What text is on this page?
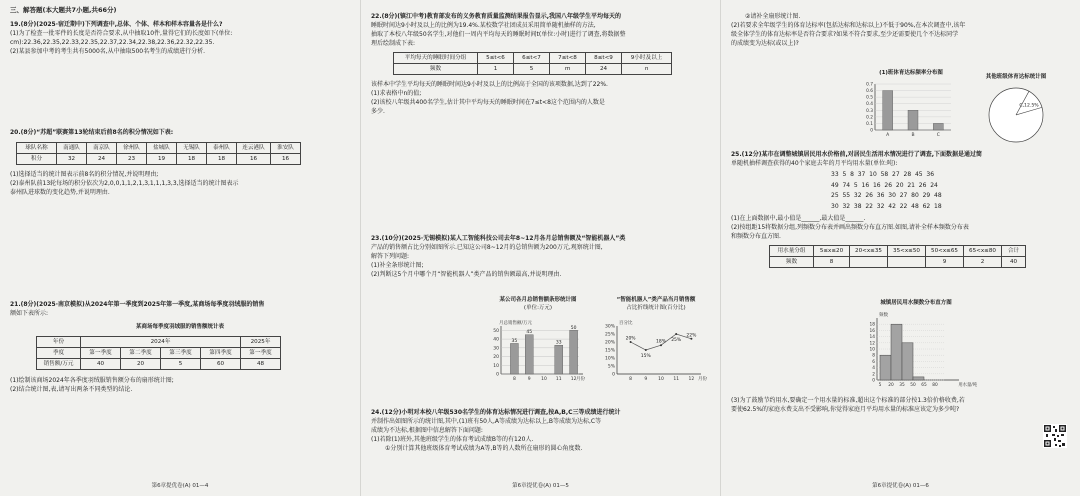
三、解答题(本大题共7小题,共66分)
19.(8分)(2025·宿迁期中)下列调查中,总体、个体、样本和样本容量各是什么?
(1)为了检查一批零件的长度是否符合要求,从中抽取10件,量得它们的长度如下(单位:
cm):22.36,22.35,22.33,22.35,22.37,22.34,22.38,22.36,22.32,22.35.
(2)某县参加中考的考生共有5000名,从中抽取500名考生的成绩进行分析.
20.(8分)“苏超”联赛第13轮结束后前8名的积分情况如下表:
球队名称	南通队	南京队	徐州队	盐城队	无锡队	泰州队	连云港队	淮安队
积分	32	24	23	19	18	18	16	16
(1)选择适当的统计图表示前8名的积分情况,并说明理由;
(2)泰州队前13轮每场的积分依次为2,0,0,1,1,2,1,3,1,1,1,3,3,选择适当的统计图表示
泰州队进球数的变化趋势,并说明理由.
21.(8分)(2025·南京模拟)从2024年第一季度到2025年第一季度,某商场每季度羽绒服的销售
额如下表所示:
某商场每季度羽绒服的销售额统计表
年份	2024年				2025年
季度	第一季度	第二季度	第三季度	第四季度	第一季度
销售额/万元	40	20	5	60	48
(1)绘制该商场2024年各季度羽绒服销售额分布的扇形统计图;
(2)结合统计图,表,请写出两条不同类型的结论.
第6章提优卷(A) 01—4
22.(8分)(镇江中考)教育部发布的义务教育质量监测结果报告显示,我国八年级学生平均每天的
睡眠时间达9小时及以上的比例为19.4%.某校数学社团成员采用简单随机抽样的方法,
抽取了本校八年级50名学生,对他们一周内平均每天的睡眠时间t(单位:小时)进行了调查,将数据整
理后绘制成下表:
平均每天的睡眠时间分组	5≤t<6	6≤t<7	7≤t<8	8≤t<9	9小时及以上
频数	1	5	m	24	n
该样本中学生平均每天的睡眠时间达9小时及以上的比例高于全国的该项数据,达到了22%.
(1)求表格中n的值;
(2)该校八年级共400名学生,估计其中平均每天的睡眠时间在7≤t<8这个范围内的人数是
多少.
23.(10分)(2025·无锡模拟)某人工智能科技公司去年8~12月各月总销售额及“智能机器人”类
产品的销售额占比分别如图所示.已知这公司8~12月的总销售额为200万元,观察统计图,
解答下列问题:
(1)补全条形统计图;
(2)判断这5个月中哪个月“智能机器人”类产品的销售额最高,并说明理由.
某公司各月总销售额条形统计图
(单位:万元)
月总销售额/万元
0
10
20
30
40
50
35
8
45
9 10
33
11
50
12 月份
“智能机器人”类产品当月销售额
占比折线统计图(百分比)
百分比
0
5%
10%
15%
20%
25%
30%
20%
8
15%
9
18%
10
25%
11
22%
12 月份
24.(12分)小明对本校八年级530名学生的体育达标情况进行调查,按A,B,C三等成绩进行统计
并制作出如图所示的统计图,其中,(1)班有50人,A等成绩为达标以上,B等成绩为达标,C等
成绩为不达标,根据图中信息解答下面问题:
(1)若除(1)班外,其他班级学生的体育考试成绩B等的有120人.
①分别计算其他班级体育考试成绩为A等,B等的人数所在扇形的圆心角度数.
第6章提优卷(A) 01—5
②请补全扇形统计图.
(2)若要求全年级学生的体育达标率(包括达标和达标以上)不低于90%,在本次调查中,该年
级全体学生的体育达标率是否符合要求?如果不符合要求,至少还需要使几个不达标同学
的成绩变为达标(或以上)?
(1)班体育达标频率分布图
0
0.1
0.2
0.3
0.4
0.5
0.6
0.7
A	B	C
其他班级体育达标统计图
C,12.5%
25.(12分)某市在调整城镇居民用水价格前,对居民生活用水情况进行了调查,下面数据是通过简
单随机抽样调查获得的40个家庭去年的月平均用水量(单位:吨):
33  5  8  37  10  58  27  28  45  36
49  74  5  16  16  26  20  21  26  24
25  55  32  26  36  30  27  80  29  48
30  32  38  22  32  42  22  48  62  18
(1)在上面数据中,最小值是______,最大值是______.
(2)按组距15将数据分组,列频数分布表并画出频数分布直方图.如图,请补全样本频数分布表
和频数分布直方图.
用水量分组	5≤x≤20	20<x≤35	35<x≤50	50<x≤65	65<x≤80	合计
频数	8			9	2	40
城镇居民用水频数分布直方图
频数
0
2
4
6
8
10
12
14
16
18
5 20 35 50 65 80	用水量/吨
(3)为了鼓励节约用水,要确定一个用水量的标准,超出这个标准的部分按1.3倍价格收费,若
要使62.5%的家庭水费支出不受影响,你觉得家庭月平均用水量的标准应该定为多少吨?
第6章提优卷(A) 01—6
